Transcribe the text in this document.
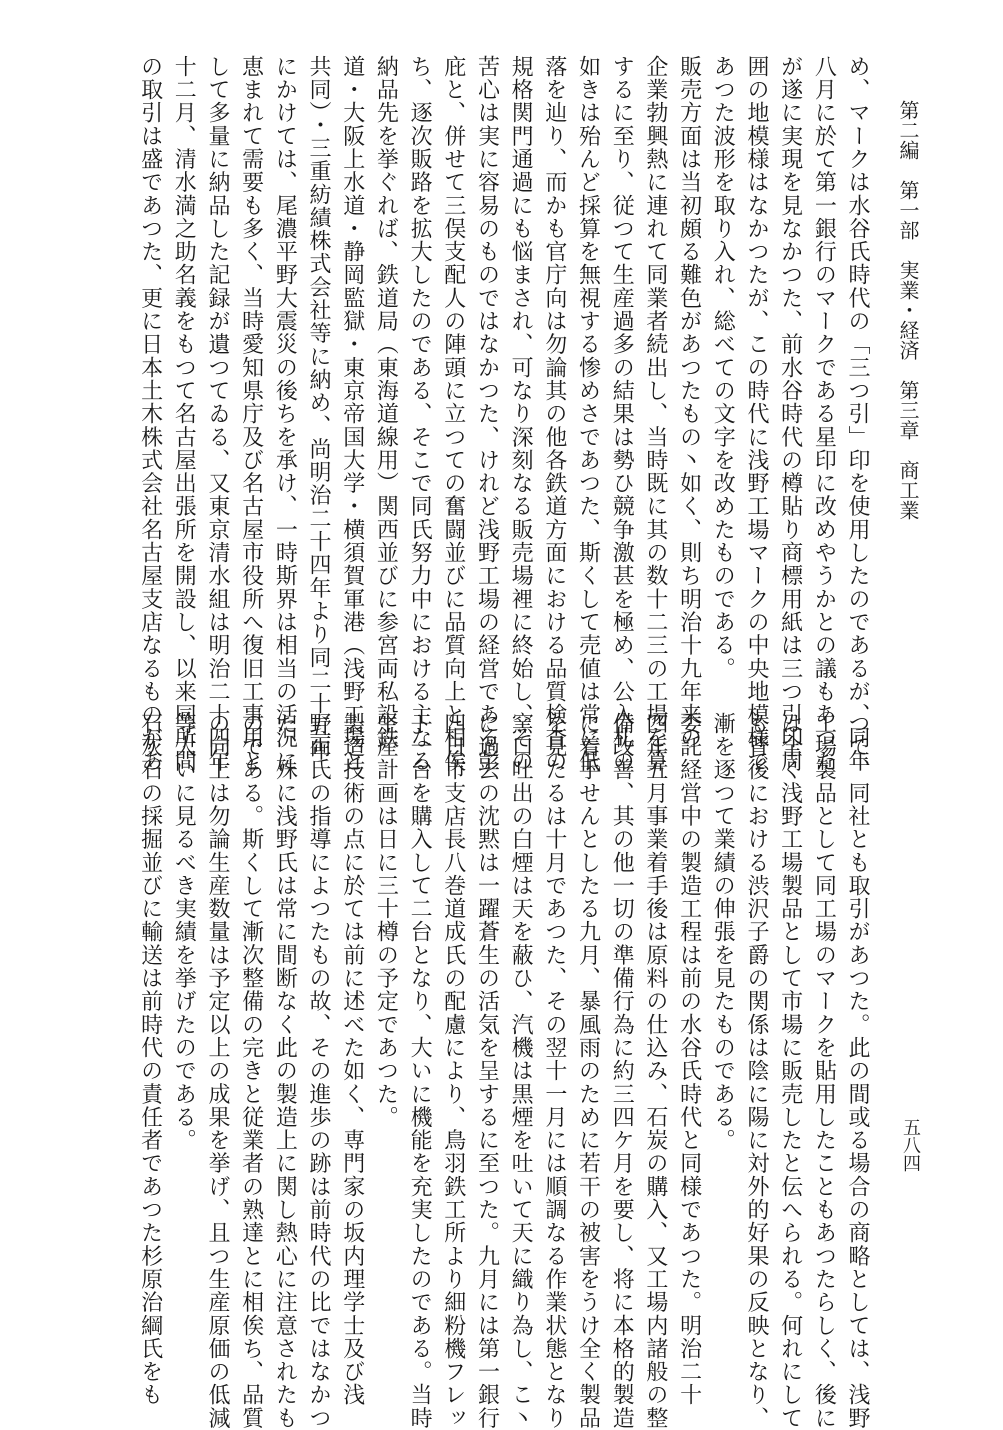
第二編　第一部　実業・経済　第三章　商工業
五八四
め、マークは水谷氏時代の「三つ引」印を使用したのであるが、同年
八月に於て第一銀行のマークである星印に改めやうかとの議もあつた
が遂に実現を見なかつた、前水谷時代の樽貼り商標用紙は三つ引印周
囲の地模様はなかつたが、この時代に浅野工場マークの中央地模様で
あつた波形を取り入れ、総べての文字を改めたものである。
販売方面は当初頗る難色があつたもの丶如く、則ち明治十九年来の
企業勃興熱に連れて同業者続出し、当時既に其の数十二三の工場を算
するに至り、従つて生産過多の結果は勢ひ競争激甚を極め、公入札の
如きは殆んど採算を無視する惨めさであつた、斯くして売値は常に低
落を辿り、而かも官庁向は勿論其の他各鉄道方面における品質検査の
規格関門通過にも悩まされ、可なり深刻なる販売場裡に終始し、その
苦心は実に容易のものではなかつた、けれど浅野工場の経営である彭
庇と、併せて三俣支配人の陣頭に立つての奮闘並びに品質向上と相俟
ち、逐次販路を拡大したのである、そこで同氏努力中における主なる
納品先を挙ぐれば、鉄道局（東海道線用）関西並びに参宮両私設鉄
道・大阪上水道・静岡監獄・東京帝国大学・横須賀軍港（浅野工場と
共同）・三重紡績株式会社等に納め、尚明治二十四年より同二十五年
にかけては、尾濃平野大震災の後ちを承け、一時斯界は相当の活況に
恵まれて需要も多く、当時愛知県庁及び名古屋市役所へ復旧工事用と
して多量に納品した記録が遺つてゐる、又東京清水組は明治二十四年
十二月、清水満之助名義をもつて名古屋出張所を開設し、以来同所間
の取引は盛であつた、更に日本土木株式会社名古屋支店なるものがあ
つて、同社とも取引があつた。此の間或る場合の商略としては、浅野
工場製品として同工場のマークを貼用したこともあつたらしく、後に
は全く浅野工場製品として市場に販売したと伝へられる。何れにして
も背後における渋沢子爵の関係は陰に陽に対外的好果の反映となり、
漸を逐つて業績の伸張を見たものである。
委託経営中の製造工程は前の水谷氏時代と同様であつた。明治二十
四年五月事業着手後は原料の仕込み、石炭の購入、又工場内諸般の整
備改善、其の他一切の準備行為に約三四ケ月を要し、将に本格的製造
に着手せんとしたる九月、暴風雨のために若干の被害をうけ全く製品
を見たるは十月であつた、その翌十一月には順調なる作業状態となり
窯口吐出の白煙は天を蔽ひ、汽機は黒煙を吐いて天に織り為し、こ丶
に過去の沈黙は一躍蒼生の活気を呈するに至つた。九月には第一銀行
四日市支店長八巻道成氏の配慮により、鳥羽鉄工所より細粉機フレッ
ト一台を購入して二台となり、大いに機能を充実したのである。当時
生産計画は日に三十樽の予定であつた。
製造技術の点に於ては前に述べた如く、専門家の坂内理学士及び浅
野両氏の指導によつたもの故、その進歩の跡は前時代の比ではなかつ
た、殊に浅野氏は常に間断なく此の製造上に関し熱心に注意されたも
のである。斯くして漸次整備の完きと従業者の熟達とに相俟ち、品質
の向上は勿論生産数量は予定以上の成果を挙げ、且つ生産原価の低減
等大いに見るべき実績を挙げたのである。
石灰石の採掘並びに輸送は前時代の責任者であつた杉原治綱氏をも
